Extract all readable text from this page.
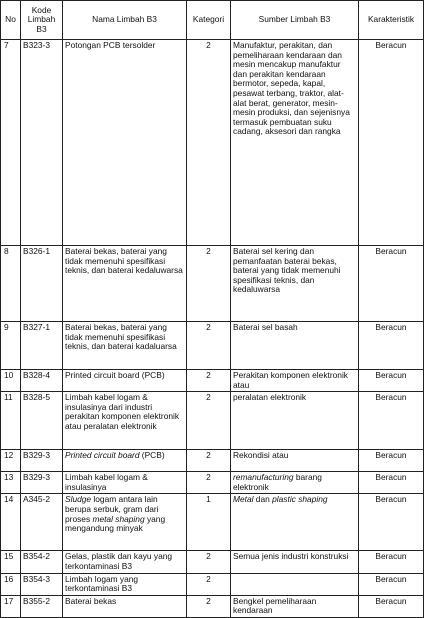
No	Kode Limbah B3	Nama Limbah B3	Kategori	Sumber Limbah B3	Karakteristik
7	B323-3	Potongan PCB tersolder	2	Manufaktur, perakitan, dan pemeliharaan kendaraan dan mesin mencakup manufaktur dan perakitan kendaraan bermotor, sepeda, kapal, pesawat terbang, traktor, alat-alat berat, generator, mesin-mesin produksi, dan sejenisnya termasuk pembuatan suku cadang, aksesori dan rangka	Beracun
8	B326-1	Baterai bekas, baterai yang tidak memenuhi spesifikasi teknis, dan baterai kedaluwarsa	2	Baterai sel kering dan pemanfaatan baterai bekas, baterai yang tidak memenuhi spesifikasi teknis, dan kedaluwarsa	Beracun
9	B327-1	Baterai bekas, baterai yang tidak memenuhi spesifikasi teknis, dan baterai kadaluarsa	2	Baterai sel basah	Beracun
10	B328-4	Printed circuit board (PCB)	2	Perakitan komponen elektronik atau	Beracun
11	B328-5	Limbah kabel logam & insulasinya dari industri perakitan komponen elektronik atau peralatan elektronik	2	peralatan elektronik	Beracun
12	B329-3	Printed circuit board (PCB)	2	Rekondisi atau	Beracun
13	B329-3	Limbah kabel logam & insulasinya	2	remanufacturing barang elektronik	Beracun
14	A345-2	Sludge logam antara lain berupa serbuk, gram dari proses metal shaping yang mengandung minyak	1	Metal dan plastic shaping	Beracun
15	B354-2	Gelas, plastik dan kayu yang terkontaminasi B3	2	Semua jenis industri konstruksi	Beracun
16	B354-3	Limbah logam yang terkontaminasi B3	2		Beracun
17	B355-2	Baterai bekas	2	Bengkel pemeliharaan kendaraan	Beracun
